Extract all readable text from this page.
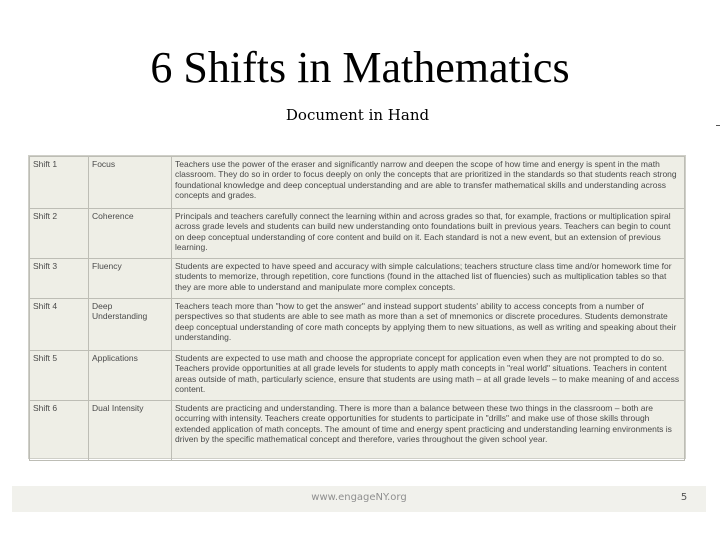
6 Shifts in Mathematics
Document in Hand
Shift 1	Focus	Teachers use the power of the eraser and significantly narrow and deepen the scope of how time and energy is spent in the math classroom. They do so in order to focus deeply on only the concepts that are prioritized in the standards so that students reach strong foundational knowledge and deep conceptual understanding and are able to transfer mathematical skills and understanding across concepts and grades.
Shift 2	Coherence	Principals and teachers carefully connect the learning within and across grades so that, for example, fractions or multiplication spiral across grade levels and students can build new understanding onto foundations built in previous years. Teachers can begin to count on deep conceptual understanding of core content and build on it. Each standard is not a new event, but an extension of previous learning.
Shift 3	Fluency	Students are expected to have speed and accuracy with simple calculations; teachers structure class time and/or homework time for students to memorize, through repetition, core functions (found in the attached list of fluencies) such as multiplication tables so that they are more able to understand and manipulate more complex concepts.
Shift 4	Deep Understanding	Teachers teach more than "how to get the answer" and instead support students' ability to access concepts from a number of perspectives so that students are able to see math as more than a set of mnemonics or discrete procedures. Students demonstrate deep conceptual understanding of core math concepts by applying them to new situations, as well as writing and speaking about their understanding.
Shift 5	Applications	Students are expected to use math and choose the appropriate concept for application even when they are not prompted to do so. Teachers provide opportunities at all grade levels for students to apply math concepts in "real world" situations. Teachers in content areas outside of math, particularly science, ensure that students are using math – at all grade levels – to make meaning of and access content.
Shift 6	Dual Intensity	Students are practicing and understanding. There is more than a balance between these two things in the classroom – both are occurring with intensity. Teachers create opportunities for students to participate in "drills" and make use of those skills through extended application of math concepts. The amount of time and energy spent practicing and understanding learning environments is driven by the specific mathematical concept and therefore, varies throughout the given school year.
www.engageNY.org	5
